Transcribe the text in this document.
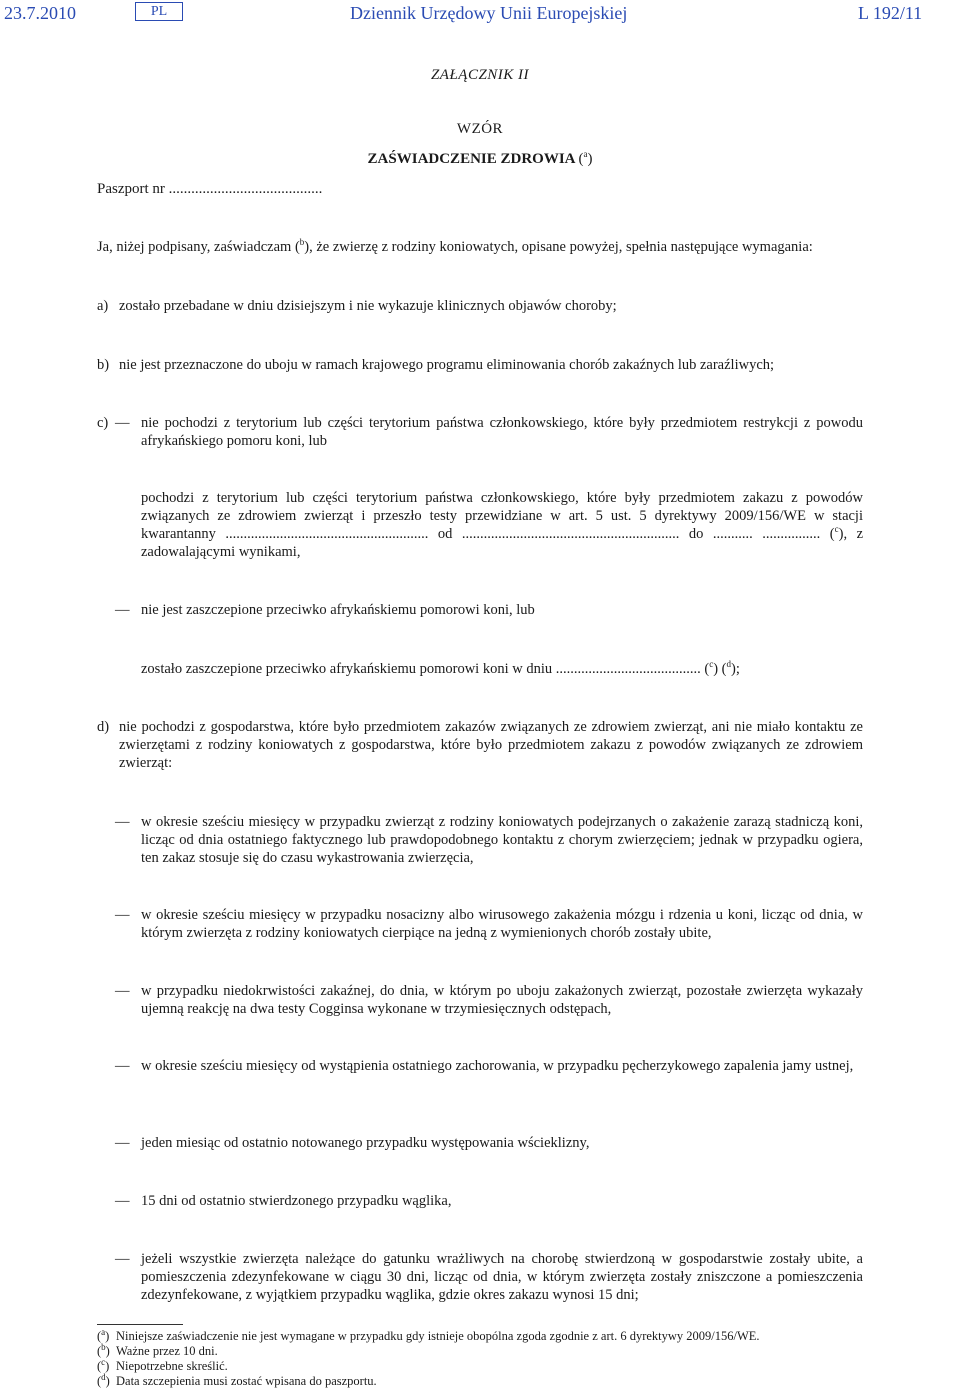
23.7.2010	PL	Dziennik Urzędowy Unii Europejskiej	L 192/11
ZAŁĄCZNIK II
WZÓR
ZAŚWIADCZENIE ZDROWIA ($^a$)
Paszport nr .........................................
Ja, niżej podpisany, zaświadczam ($^b$), że zwierzę z rodziny koniowatych, opisane powyżej, spełnia następujące wymagania:
a) zostało przebadane w dniu dzisiejszym i nie wykazuje klinicznych objawów choroby;
b) nie jest przeznaczone do uboju w ramach krajowego programu eliminowania chorób zakaźnych lub zaraźliwych;
c) — nie pochodzi z terytorium lub części terytorium państwa członkowskiego, które były przedmiotem restrykcji z powodu afrykańskiego pomoru koni, lub
pochodzi z terytorium lub części terytorium państwa członkowskiego, które były przedmiotem zakazu z powodów związanych ze zdrowiem zwierząt i przeszło testy przewidziane w art. 5 ust. 5 dyrektywy 2009/156/WE w stacji kwarantanny ........................................................ od ............................................................ do ........... ................ ($^c$), z zadowalającymi wynikami,
— nie jest zaszczepione przeciwko afrykańskiemu pomorowi koni, lub
zostało zaszczepione przeciwko afrykańskiemu pomorowi koni w dniu ........................................ ($^c$) ($^d$);
d) nie pochodzi z gospodarstwa, które było przedmiotem zakazów związanych ze zdrowiem zwierząt, ani nie miało kontaktu ze zwierzętami z rodziny koniowatych z gospodarstwa, które było przedmiotem zakazu z powodów związanych ze zdrowiem zwierząt:
— w okresie sześciu miesięcy w przypadku zwierząt z rodziny koniowatych podejrzanych o zakażenie zarazą stadniczą koni, licząc od dnia ostatniego faktycznego lub prawdopodobnego kontaktu z chorym zwierzęciem; jednak w przypadku ogiera, ten zakaz stosuje się do czasu wykastrowania zwierzęcia,
— w okresie sześciu miesięcy w przypadku nosacizny albo wirusowego zakażenia mózgu i rdzenia u koni, licząc od dnia, w którym zwierzęta z rodziny koniowatych cierpiące na jedną z wymienionych chorób zostały ubite,
— w przypadku niedokrwistości zakaźnej, do dnia, w którym po uboju zakażonych zwierząt, pozostałe zwierzęta wykazały ujemną reakcję na dwa testy Cogginsa wykonane w trzymiesięcznych odstępach,
— w okresie sześciu miesięcy od wystąpienia ostatniego zachorowania, w przypadku pęcherzykowego zapalenia jamy ustnej,
— jeden miesiąc od ostatnio notowanego przypadku występowania wścieklizny,
— 15 dni od ostatnio stwierdzonego przypadku wąglika,
— jeżeli wszystkie zwierzęta należące do gatunku wrażliwych na chorobę stwierdzoną w gospodarstwie zostały ubite, a pomieszczenia zdezynfekowane w ciągu 30 dni, licząc od dnia, w którym zwierzęta zostały zniszczone a pomieszczenia zdezynfekowane, z wyjątkiem przypadku wąglika, gdzie okres zakazu wynosi 15 dni;
($^a$) Niniejsze zaświadczenie nie jest wymagane w przypadku gdy istnieje obopólna zgoda zgodnie z art. 6 dyrektywy 2009/156/WE.
($^b$) Ważne przez 10 dni.
($^c$) Niepotrzebne skreślić.
($^d$) Data szczepienia musi zostać wpisana do paszportu.
